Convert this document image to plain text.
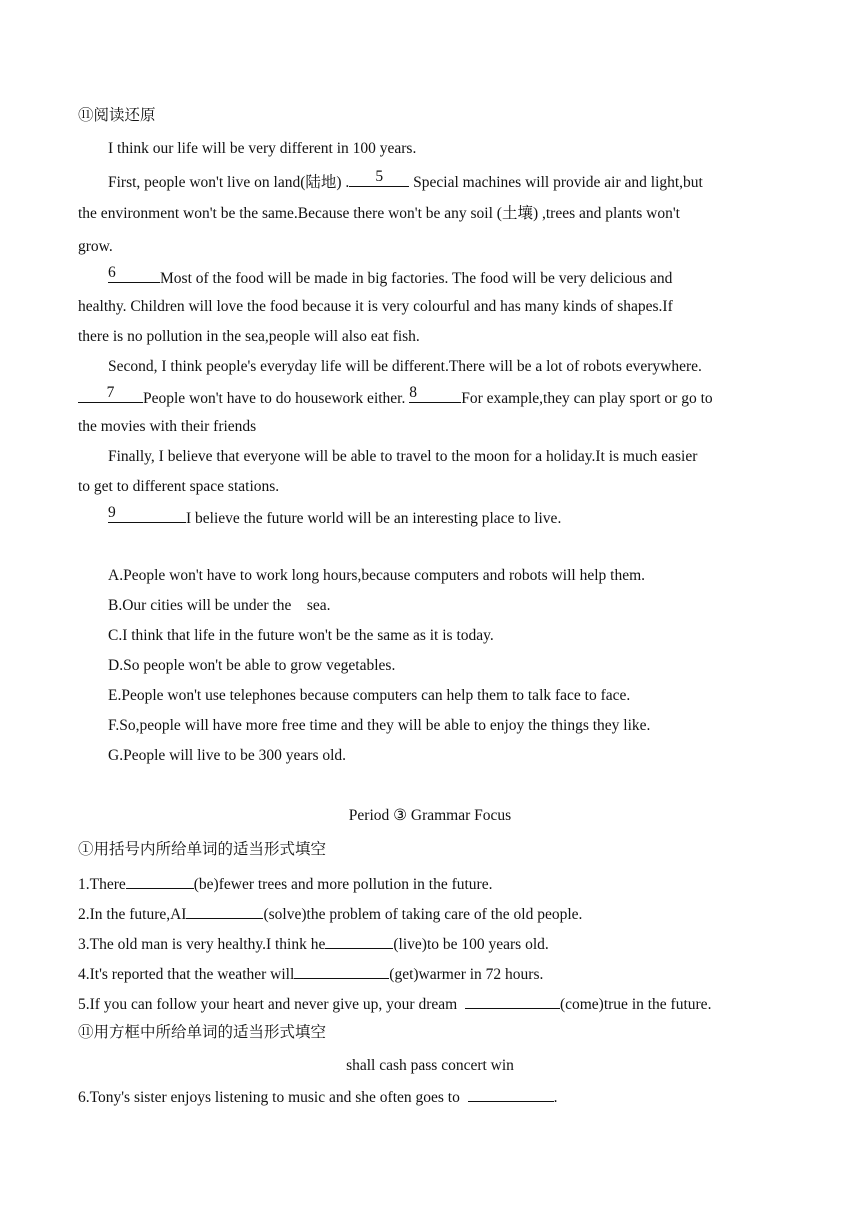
⑪阅读还原
I think our life will be very different in 100 years.
First, people won't live on land(陆地) .	5	Special machines will provide air and light,but
the environment won't be the same.Because there won't be any soil (土壤) ,trees and plants won't
grow.
6	Most of the food will be made in big factories. The food will be very delicious and
healthy. Children will love the food because it is very colourful and has many kinds of shapes.If
there is no pollution in the sea,people will also eat fish.
Second, I think people's everyday life will be different.There will be a lot of robots everywhere.
7	People won't have to do housework either. 8	For example,they can play sport or go to
the movies with their friends
Finally, I believe that everyone will be able to travel to the moon for a holiday.It is much easier
to get to different space stations.
9	I believe the future world will be an interesting place to live.
A.People won't have to work long hours,because computers and robots will help them.
B.Our cities will be under the    sea.
C.I think that life in the future won't be the same as it is today.
D.So people won't be able to grow vegetables.
E.People won't use telephones because computers can help them to talk face to face.
F.So,people will have more free time and they will be able to enjoy the things they like.
G.People will live to be 300 years old.
Period ③ Grammar Focus
①用括号内所给单词的适当形式填空
1.There	(be)fewer trees and more pollution in the future.
2.In the future,AI	(solve)the problem of taking care of the old people.
3.The old man is very healthy.I think he	(live)to be 100 years old.
4.It's reported that the weather will	(get)warmer in 72 hours.
5.If you can follow your heart and never give up, your dream	(come)true in the future.
⑪用方框中所给单词的适当形式填空
shall cash pass concert win
6.Tony's sister enjoys listening to music and she often goes to	.
